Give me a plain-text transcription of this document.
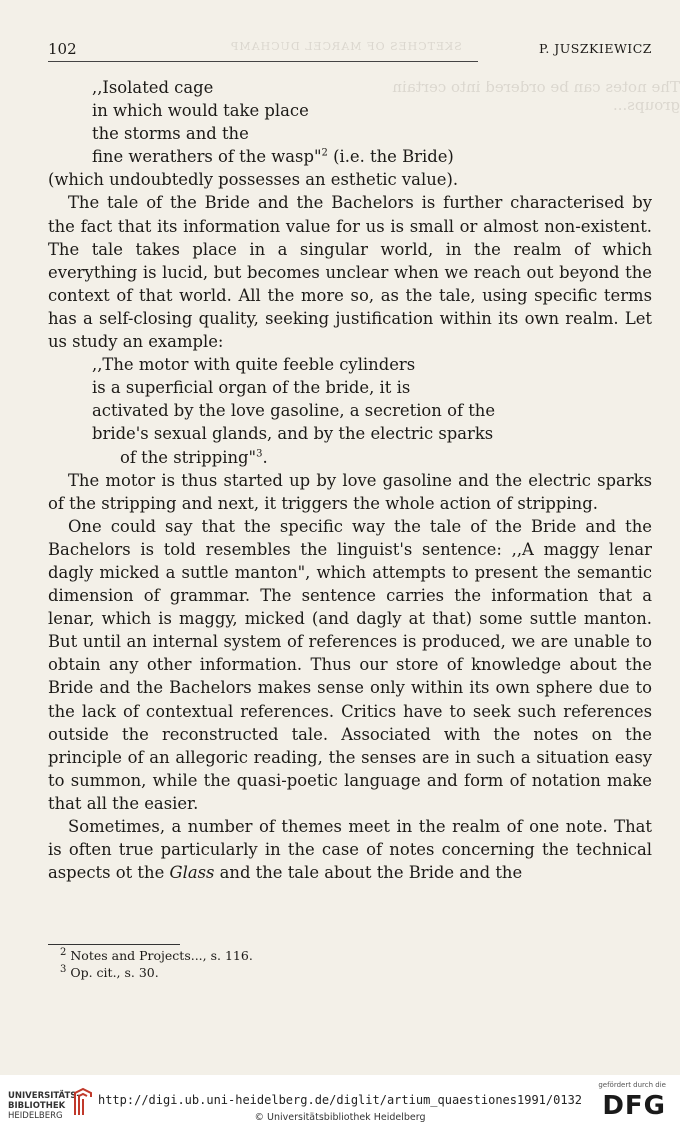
SKETCHES OF MARCEL DUCHAMP
The notes can be ordered into certain groups...
102	P. JUSZKIEWICZ
,,Isolated cage
in which would take place
the storms and the
fine werathers of the wasp"$^2$ (i.e. the Bride)

(which undoubtedly possesses an esthetic value).

The tale of the Bride and the Bachelors is further characterised by the fact that its information value for us is small or almost non-existent. The tale takes place in a singular world, in the realm of which everything is lucid, but becomes unclear when we reach out beyond the context of that world. All the more so, as the tale, using specific terms has a self-closing quality, seeking justification within its own realm. Let us study an example:

,,The motor with quite feeble cylinders
is a superficial organ of the bride, it is
activated by the love gasoline, a secretion of the
bride's sexual glands, and by the electric sparks
of the stripping"$^3$.

The motor is thus started up by love gasoline and the electric sparks of the stripping and next, it triggers the whole action of stripping.

One could say that the specific way the tale of the Bride and the Bachelors is told resembles the linguist's sentence: ,,A maggy lenar dagly micked a suttle manton", which attempts to present the semantic dimension of grammar. The sentence carries the information that a lenar, which is maggy, micked (and dagly at that) some suttle manton. But until an internal system of references is produced, we are unable to obtain any other information. Thus our store of knowledge about the Bride and the Bachelors makes sense only within its own sphere due to the lack of contextual references. Critics have to seek such references outside the reconstructed tale. Associated with the notes on the principle of an allegoric reading, the senses are in such a situation easy to summon, while the quasi-poetic language and form of notation make that all the easier.

Sometimes, a number of themes meet in the realm of one note. That is often true particularly in the case of notes concerning the technical aspects ot the Glass and the tale about the Bride and the

$^2$ Notes and Projects..., s. 116.
$^3$ Op. cit., s. 30.
UNIVERSITÄTS-
BIBLIOTHEK
HEIDELBERG
http://digi.ub.uni-heidelberg.de/diglit/artium_quaestiones1991/0132
© Universitätsbibliothek Heidelberg
gefördert durch die
DFG
